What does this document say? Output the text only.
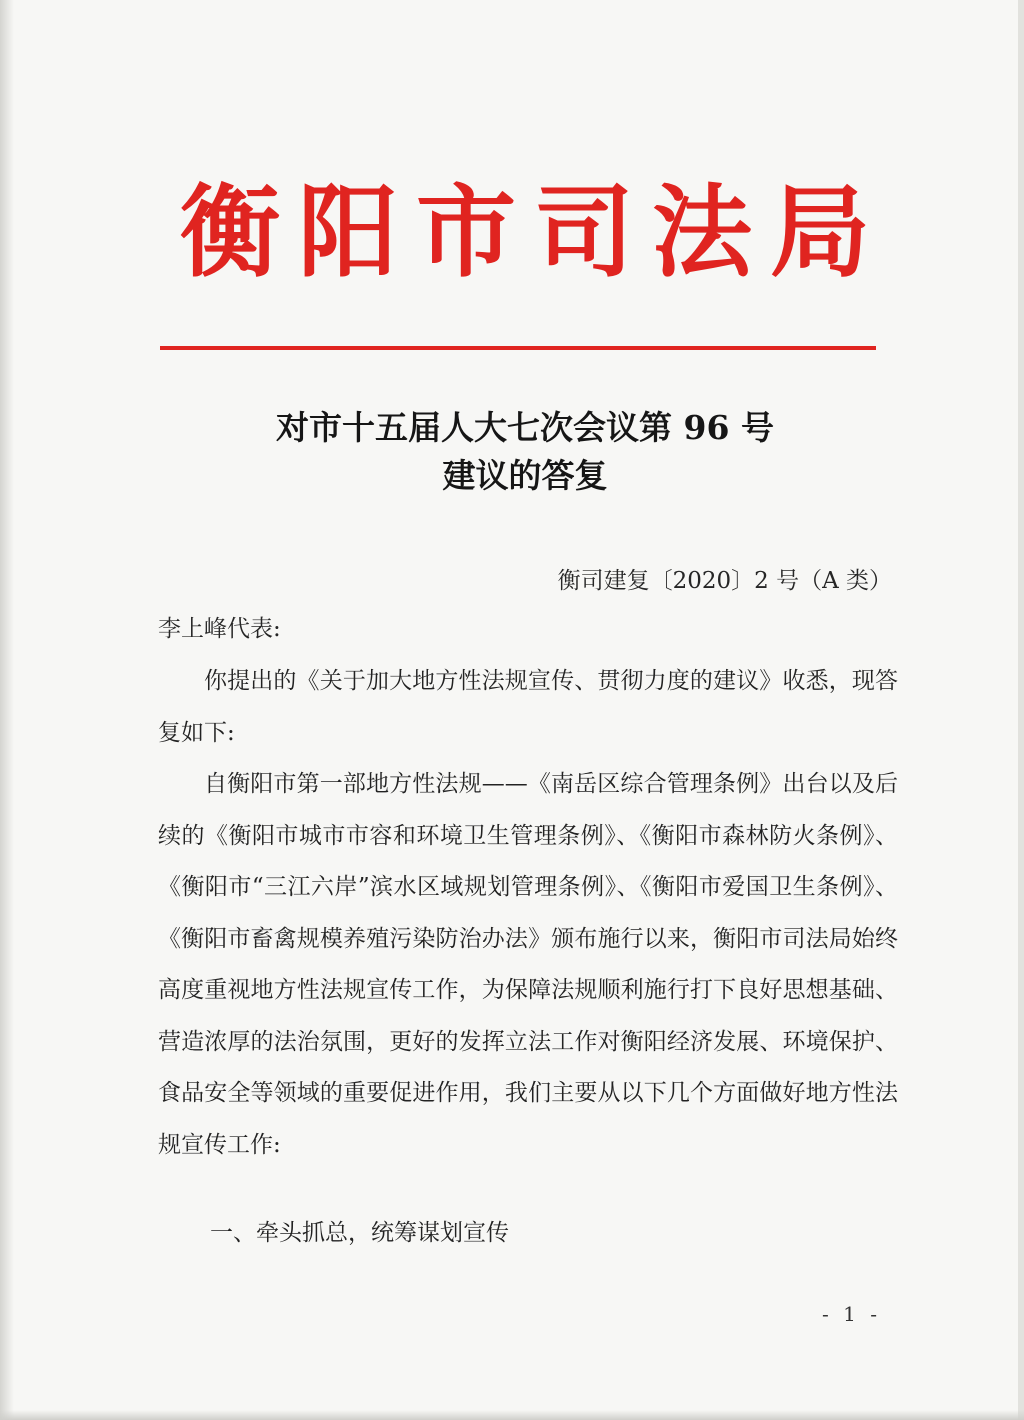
衡阳市司法局
对市十五届人大七次会议第 96 号
建议的答复
衡司建复〔2020〕2 号（A 类）
李上峰代表:

你提出的《关于加大地方性法规宣传、贯彻力度的建议》收悉，现答复如下:

自衡阳市第一部地方性法规——《南岳区综合管理条例》出台以及后续的《衡阳市城市市容和环境卫生管理条例》、《衡阳市森林防火条例》、《衡阳市“三江六岸”滨水区域规划管理条例》、《衡阳市爱国卫生条例》、《衡阳市畜禽规模养殖污染防治办法》颁布施行以来，衡阳市司法局始终高度重视地方性法规宣传工作，为保障法规顺利施行打下良好思想基础、营造浓厚的法治氛围，更好的发挥立法工作对衡阳经济发展、环境保护、食品安全等领域的重要促进作用，我们主要从以下几个方面做好地方性法规宣传工作:

一、牵头抓总，统筹谋划宣传
- 1 -
